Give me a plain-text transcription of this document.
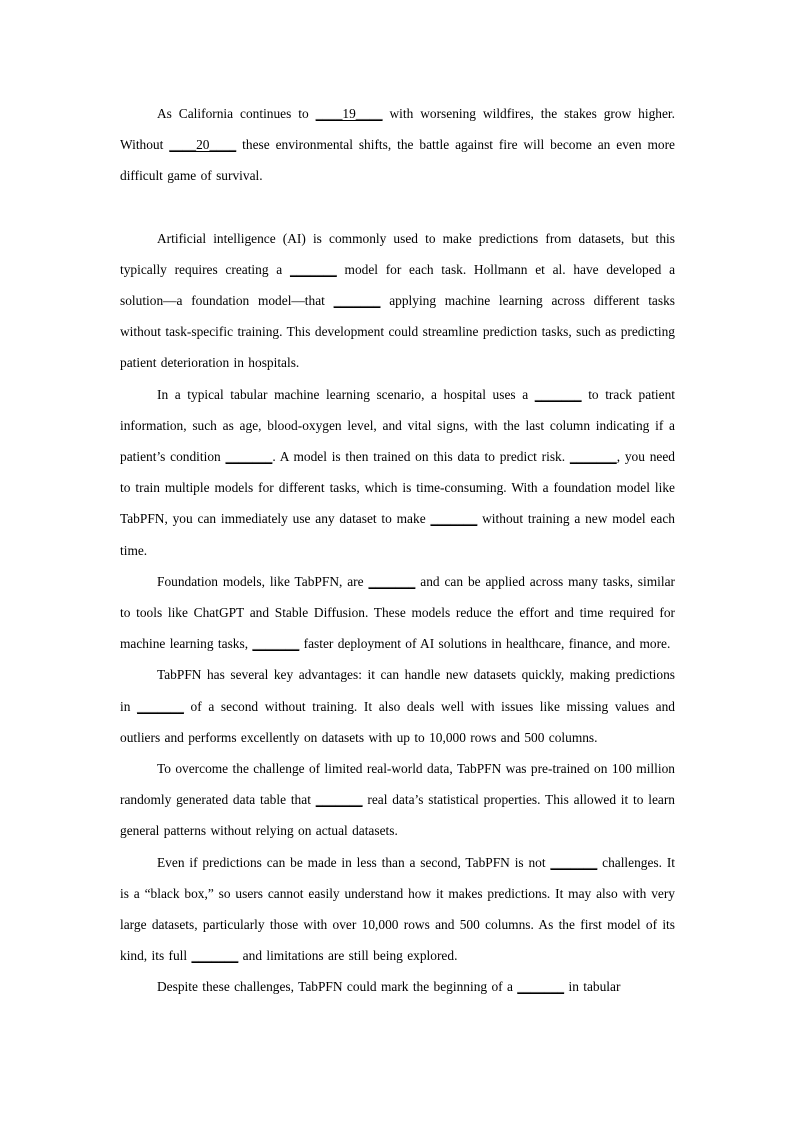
As California continues to ____19____ with worsening wildfires, the stakes grow higher. Without ____20____ these environmental shifts, the battle against fire will become an even more difficult game of survival.

Artificial intelligence (AI) is commonly used to make predictions from datasets, but this typically requires creating a _______ model for each task. Hollmann et al. have developed a solution—a foundation model—that _______ applying machine learning across different tasks without task-specific training. This development could streamline prediction tasks, such as predicting patient deterioration in hospitals.

In a typical tabular machine learning scenario, a hospital uses a _______ to track patient information, such as age, blood-oxygen level, and vital signs, with the last column indicating if a patient’s condition _______. A model is then trained on this data to predict risk. _______, you need to train multiple models for different tasks, which is time-consuming. With a foundation model like TabPFN, you can immediately use any dataset to make _______ without training a new model each time.

Foundation models, like TabPFN, are _______ and can be applied across many tasks, similar to tools like ChatGPT and Stable Diffusion. These models reduce the effort and time required for machine learning tasks, _______ faster deployment of AI solutions in healthcare, finance, and more.

TabPFN has several key advantages: it can handle new datasets quickly, making predictions in _______ of a second without training. It also deals well with issues like missing values and outliers and performs excellently on datasets with up to 10,000 rows and 500 columns.

To overcome the challenge of limited real-world data, TabPFN was pre-trained on 100 million randomly generated data table that _______ real data’s statistical properties. This allowed it to learn general patterns without relying on actual datasets.

Even if predictions can be made in less than a second, TabPFN is not _______ challenges. It is a “black box,” so users cannot easily understand how it makes predictions. It may also with very large datasets, particularly those with over 10,000 rows and 500 columns. As the first model of its kind, its full _______ and limitations are still being explored.

Despite these challenges, TabPFN could mark the beginning of a _______ in tabular
